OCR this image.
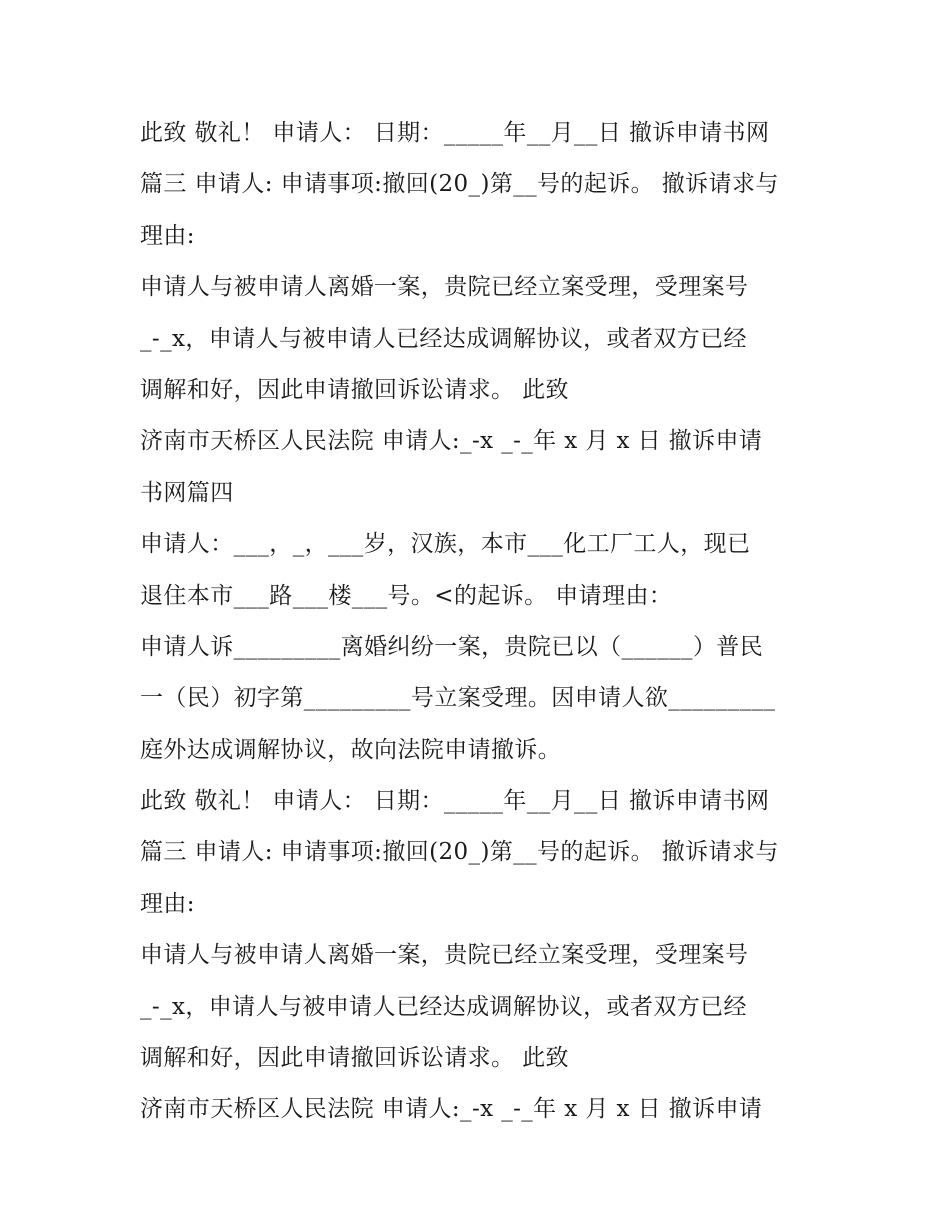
此致 敬礼！ 申请人： 日期：_____年__月__日 撤诉申请书网
篇三 申请人: 申请事项:撤回(20_)第__号的起诉。 撤诉请求与
理由:
申请人与被申请人离婚一案，贵院已经立案受理，受理案号
_-_x，申请人与被申请人已经达成调解协议，或者双方已经
调解和好，因此申请撤回诉讼请求。 此致
济南市天桥区人民法院 申请人:_-x _-_年 x 月 x 日 撤诉申请
书网篇四
申请人：___，_，___岁，汉族，本市___化工厂工人，现已
退住本市___路___楼___号。<的起诉。 申请理由：
申请人诉_________离婚纠纷一案，贵院已以（______）普民
一（民）初字第_________号立案受理。因申请人欲_________
庭外达成调解协议，故向法院申请撤诉。
此致 敬礼！ 申请人： 日期：_____年__月__日 撤诉申请书网
篇三 申请人: 申请事项:撤回(20_)第__号的起诉。 撤诉请求与
理由:
申请人与被申请人离婚一案，贵院已经立案受理，受理案号
_-_x，申请人与被申请人已经达成调解协议，或者双方已经
调解和好，因此申请撤回诉讼请求。 此致
济南市天桥区人民法院 申请人:_-x _-_年 x 月 x 日 撤诉申请
